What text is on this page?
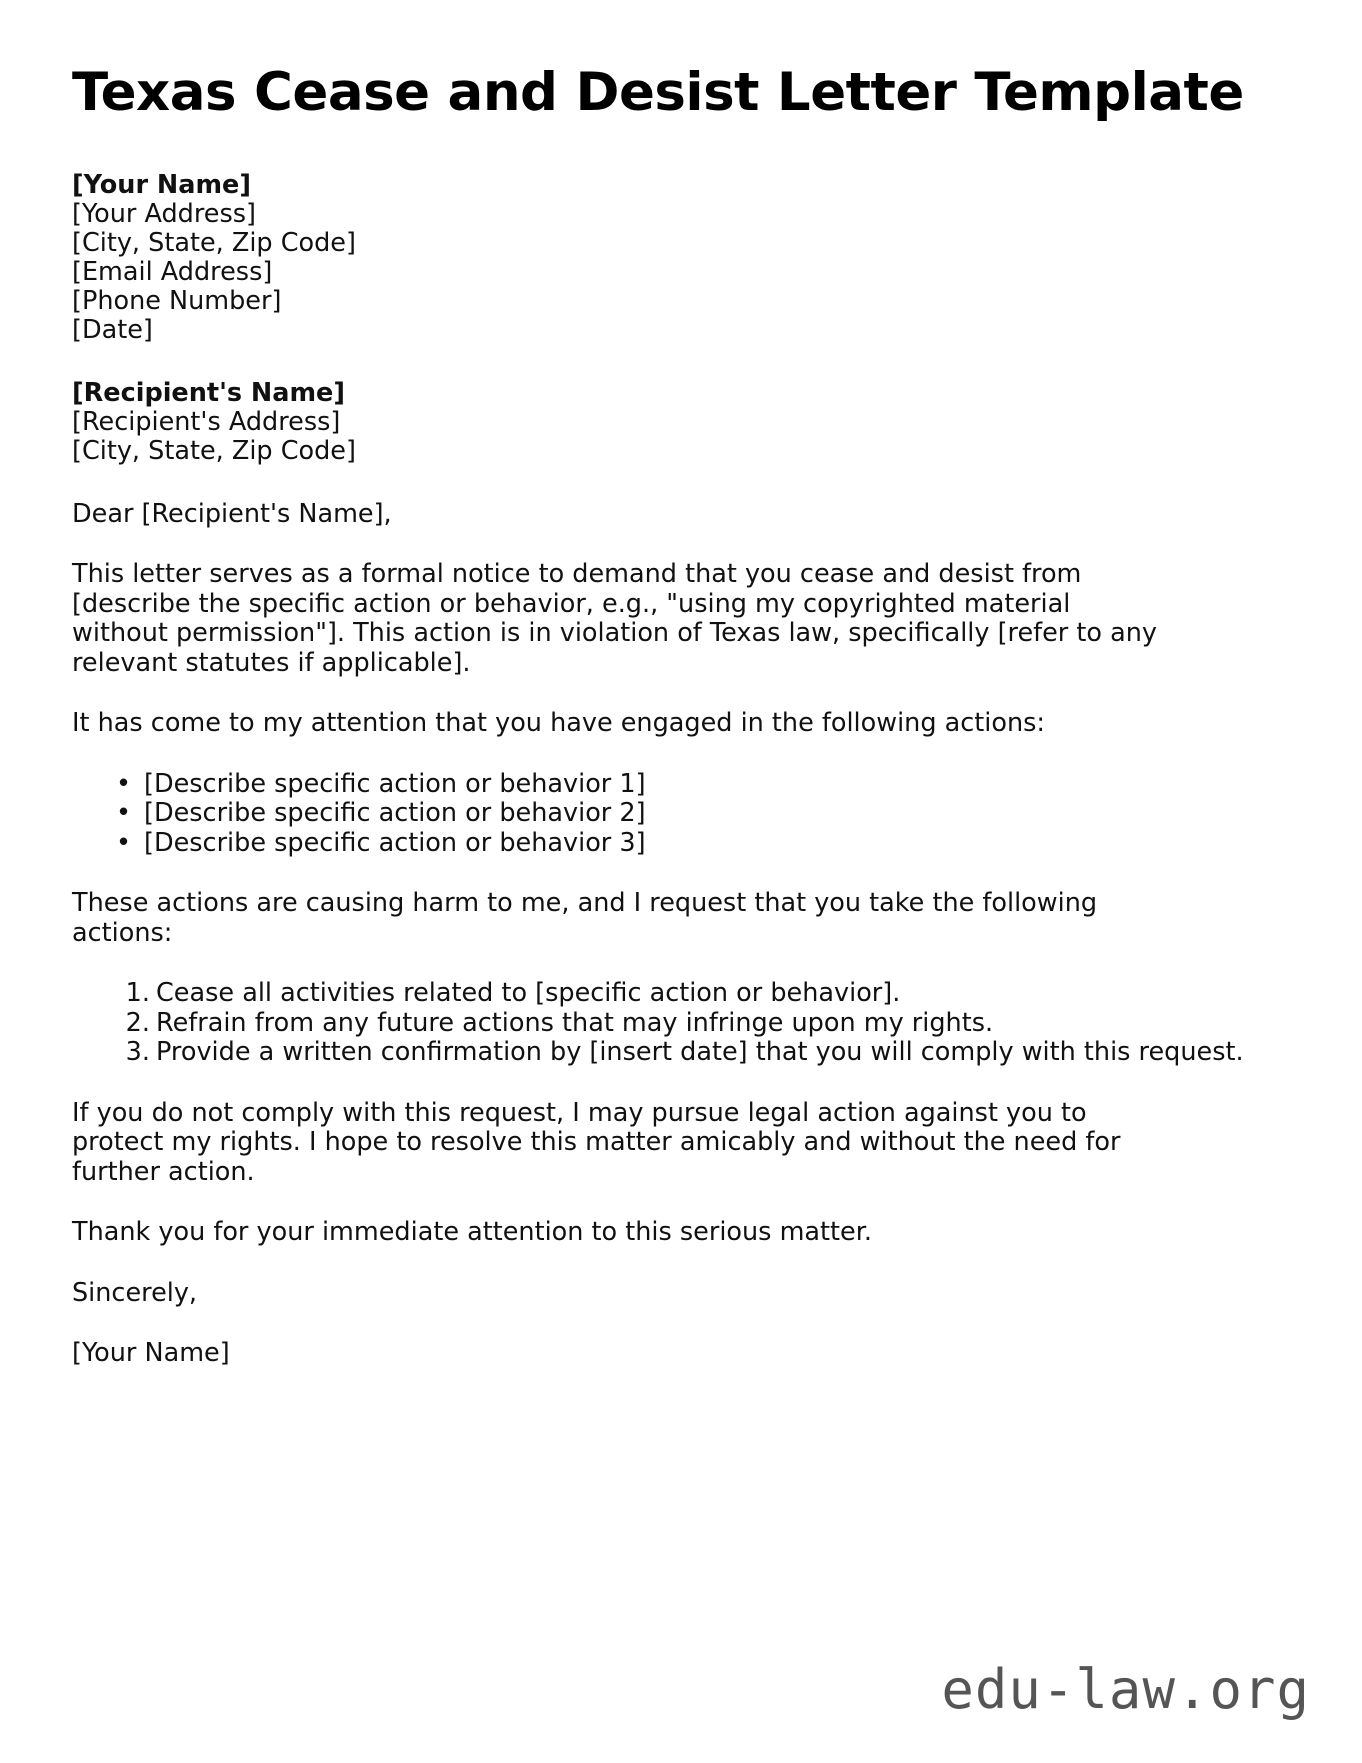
Texas Cease and Desist Letter Template
[Your Name]
[Your Address]
[City, State, Zip Code]
[Email Address]
[Phone Number]
[Date]
[Recipient's Name]
[Recipient's Address]
[City, State, Zip Code]

Dear [Recipient's Name],

This letter serves as a formal notice to demand that you cease and desist from [describe the specific action or behavior, e.g., "using my copyrighted material without permission"]. This action is in violation of Texas law, specifically [refer to any relevant statutes if applicable].

It has come to my attention that you have engaged in the following actions:

• [Describe specific action or behavior 1]
• [Describe specific action or behavior 2]
• [Describe specific action or behavior 3]

These actions are causing harm to me, and I request that you take the following actions:

Cease all activities related to [specific action or behavior].
Refrain from any future actions that may infringe upon my rights.
Provide a written confirmation by [insert date] that you will comply with this request.

If you do not comply with this request, I may pursue legal action against you to protect my rights. I hope to resolve this matter amicably and without the need for further action.

Thank you for your immediate attention to this serious matter.

Sincerely,

[Your Name]

edu-law.org
